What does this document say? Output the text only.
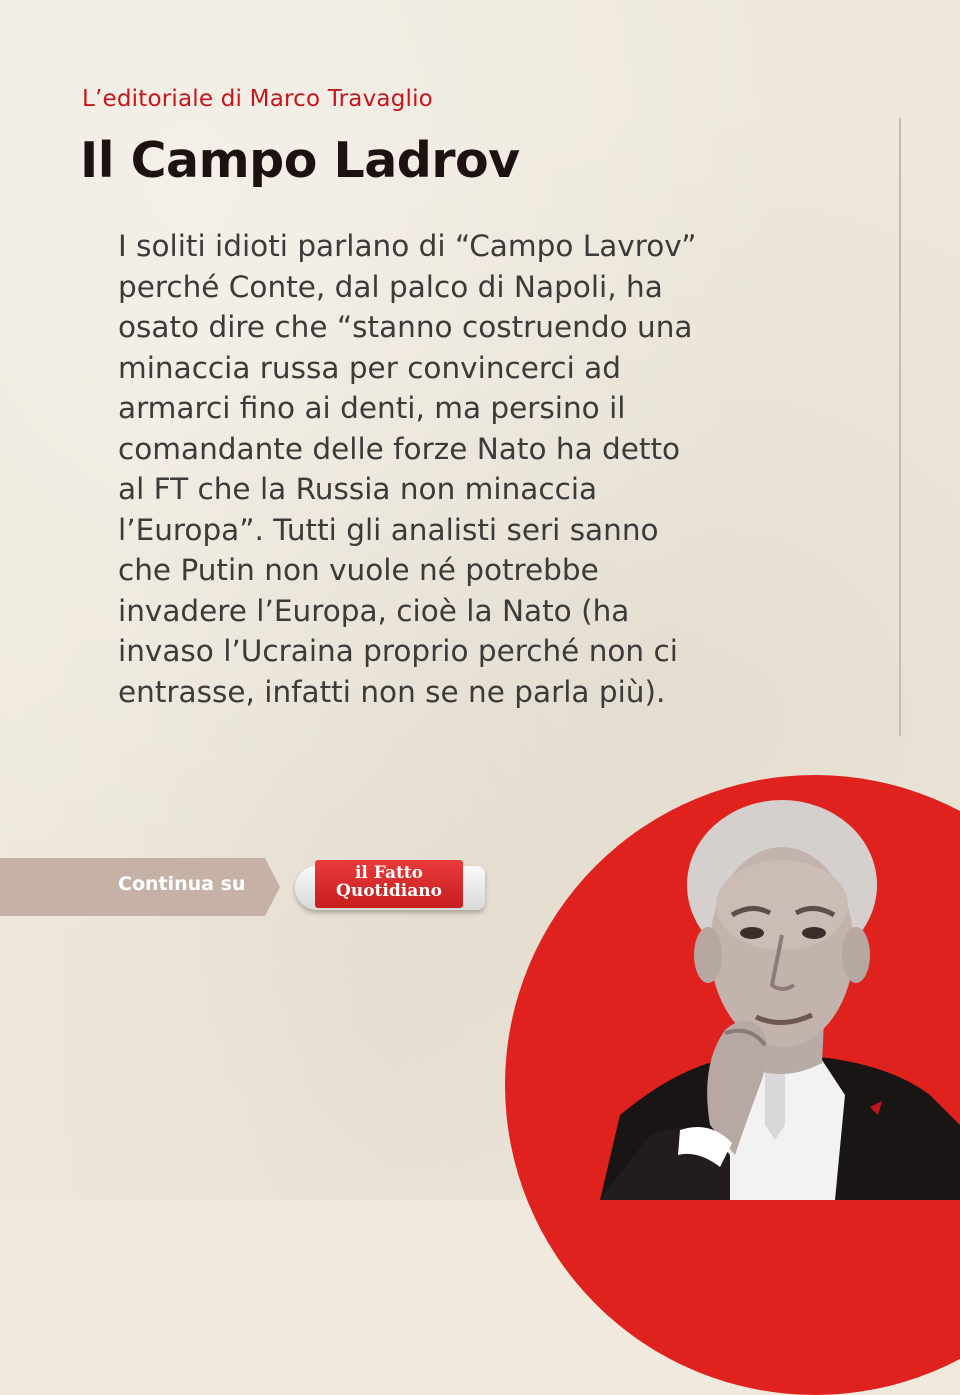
L’editoriale di Marco Travaglio
Il Campo Ladrov

I soliti idioti parlano di “Campo Lavrov” perché Conte, dal palco di Napoli, ha osato dire che “stanno costruendo una minaccia russa per convincerci ad armarci fino ai denti, ma persino il comandante delle forze Nato ha detto al FT che la Russia non minaccia l’Europa”. Tutti gli analisti seri sanno che Putin non vuole né potrebbe invadere l’Europa, cioè la Nato (ha invaso l’Ucraina proprio perché non ci entrasse, infatti non se ne parla più).

Continua su	il Fatto
Quotidiano
